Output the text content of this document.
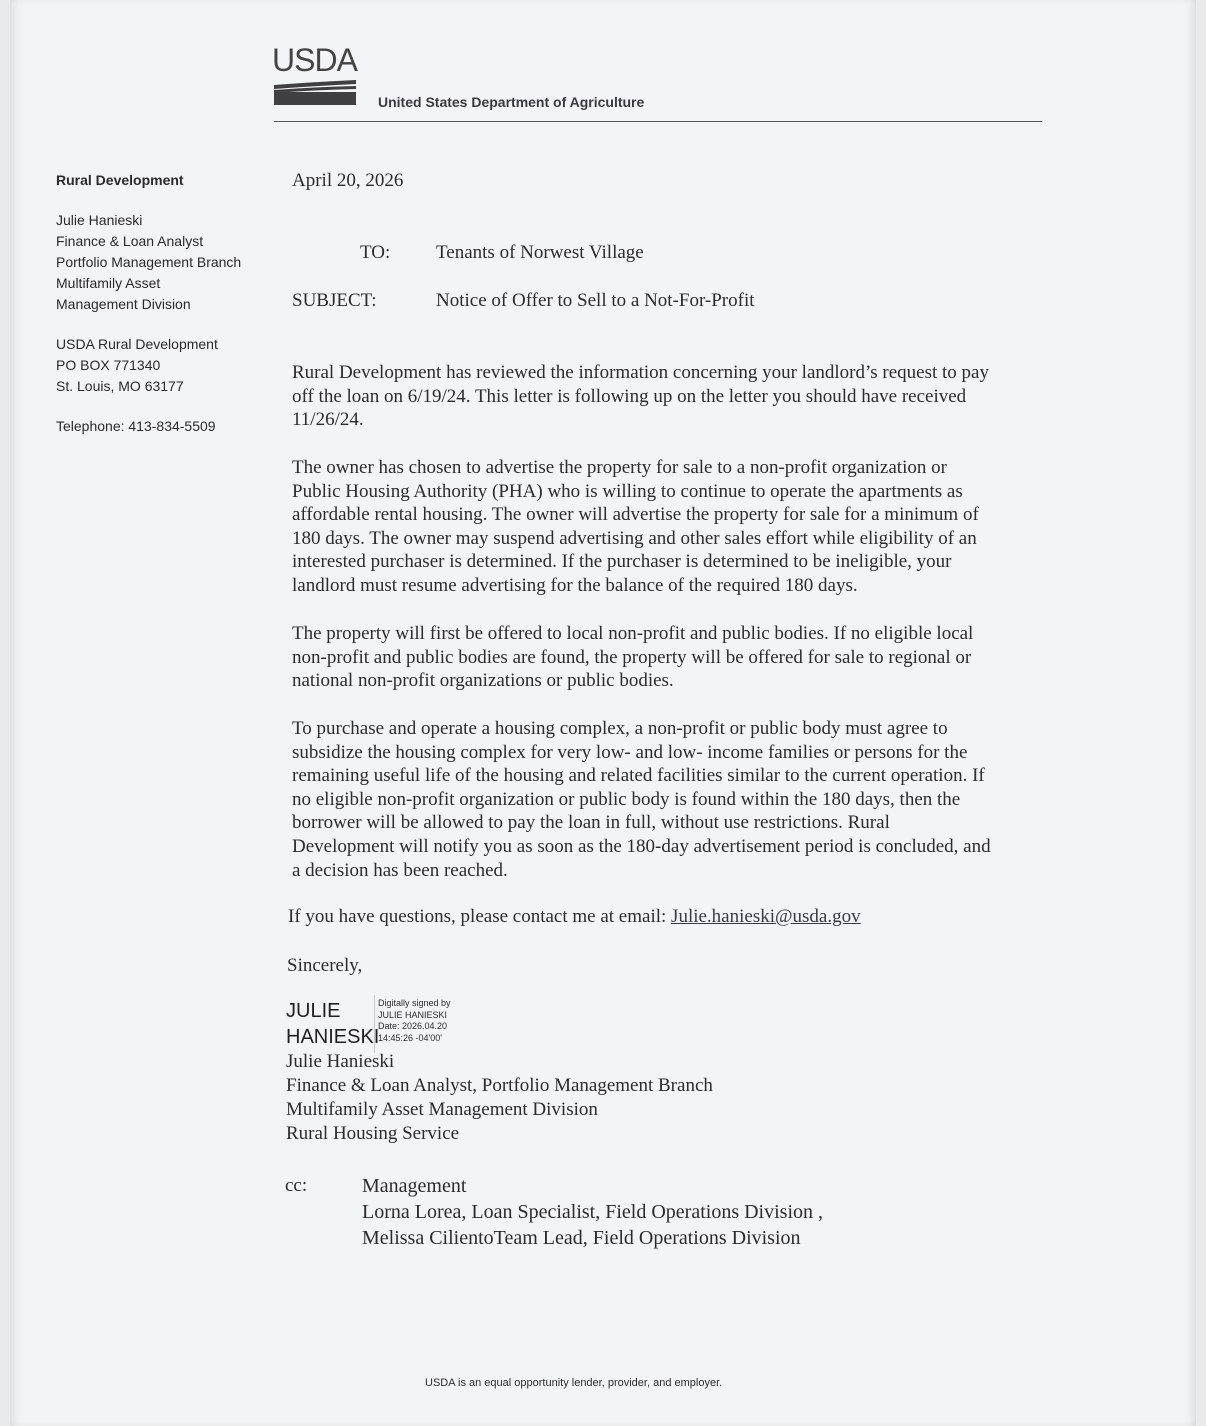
USDA
United States Department of Agriculture
Rural Development
Julie Hanieski
Finance & Loan Analyst
Portfolio Management Branch
Multifamily Asset
Management Division
USDA Rural Development
PO BOX 771340
St. Louis, MO 63177
Telephone: 413-834-5509
April 20, 2026
TO: Tenants of Norwest Village
SUBJECT:	Notice of Offer to Sell to a Not-For-Profit
Rural Development has reviewed the information concerning your landlord’s request to pay
off the loan on 6/19/24. This letter is following up on the letter you should have received
11/26/24.
The owner has chosen to advertise the property for sale to a non-profit organization or
Public Housing Authority (PHA) who is willing to continue to operate the apartments as
affordable rental housing. The owner will advertise the property for sale for a minimum of
180 days. The owner may suspend advertising and other sales effort while eligibility of an
interested purchaser is determined. If the purchaser is determined to be ineligible, your
landlord must resume advertising for the balance of the required 180 days.
The property will first be offered to local non-profit and public bodies. If no eligible local
non-profit and public bodies are found, the property will be offered for sale to regional or
national non-profit organizations or public bodies.
To purchase and operate a housing complex, a non-profit or public body must agree to
subsidize the housing complex for very low- and low- income families or persons for the
remaining useful life of the housing and related facilities similar to the current operation. If
no eligible non-profit organization or public body is found within the 180 days, then the
borrower will be allowed to pay the loan in full, without use restrictions. Rural
Development will notify you as soon as the 180-day advertisement period is concluded, and
a decision has been reached.
If you have questions, please contact me at email: Julie.hanieski@usda.gov
Sincerely,
JULIE
HANIESKI
Digitally signed by
JULIE HANIESKI
Date: 2026.04.20
14:45:26 -04'00'
Julie Hanieski
Finance & Loan Analyst, Portfolio Management Branch
Multifamily Asset Management Division
Rural Housing Service
cc:	Management
Lorna Lorea, Loan Specialist, Field Operations Division ,
Melissa CilientoTeam Lead, Field Operations Division
USDA is an equal opportunity lender, provider, and employer.
